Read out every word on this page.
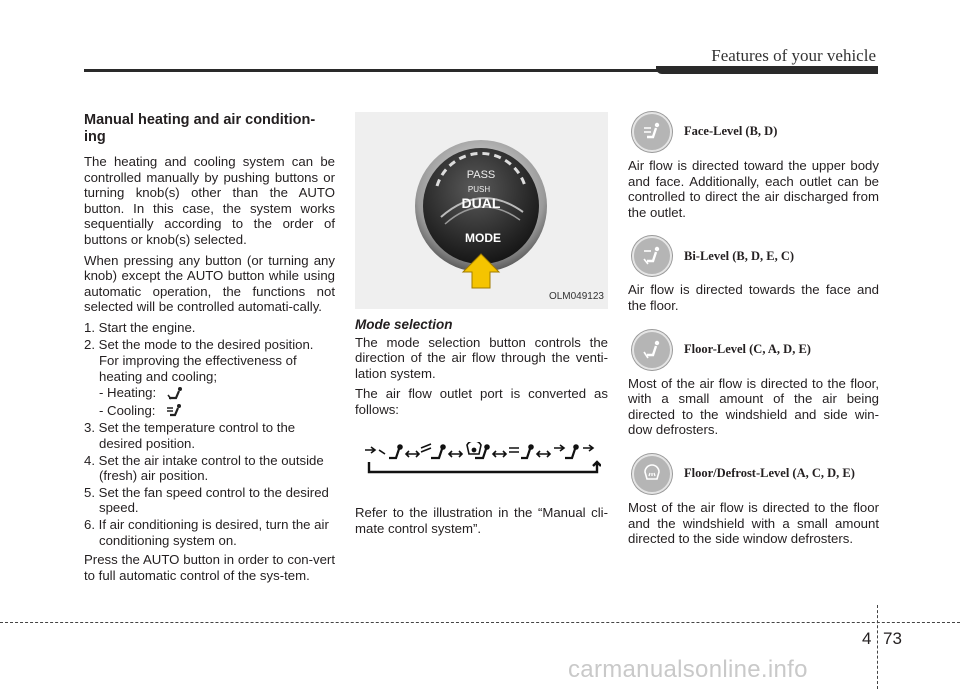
Features of your vehicle
Manual heating and air condition-ing

The heating and cooling system can be controlled manually by pushing buttons or turning knob(s) other than the AUTO button. In this case, the system works sequentially according to the order of buttons or knob(s) selected.

When pressing any button (or turning any knob) except the AUTO button while using automatic operation, the functions not selected will be controlled automati-cally.

1. Start the engine.
2. Set the mode to the desired position.
For improving the effectiveness of heating and cooling;
- Heating:
- Cooling:
3. Set the temperature control to the desired position.
4. Set the air intake control to the outside (fresh) air position.
5. Set the fan speed control to the desired speed.
6. If air conditioning is desired, turn the air conditioning system on.

Press the AUTO button in order to con-vert to full automatic control of the sys-tem.

PASS
PUSH
DUAL
MODE
OLM049123
Mode selection

The mode selection button controls the direction of the air flow through the venti-lation system.

The air flow outlet port is converted as follows:

Refer to the illustration in the “Manual cli-mate control system”.

Face-Level (B, D)

Air flow is directed toward the upper body and face. Additionally, each outlet can be controlled to direct the air discharged from the outlet.

Bi-Level (B, D, E, C)

Air flow is directed towards the face and the floor.

Floor-Level (C, A, D, E)

Most of the air flow is directed to the floor, with a small amount of the air being directed to the windshield and side win-dow defrosters.

Floor/Defrost-Level (A, C, D, E)

Most of the air flow is directed to the floor and the windshield with a small amount directed to the side window defrosters.

4 73
carmanualsonline.info
